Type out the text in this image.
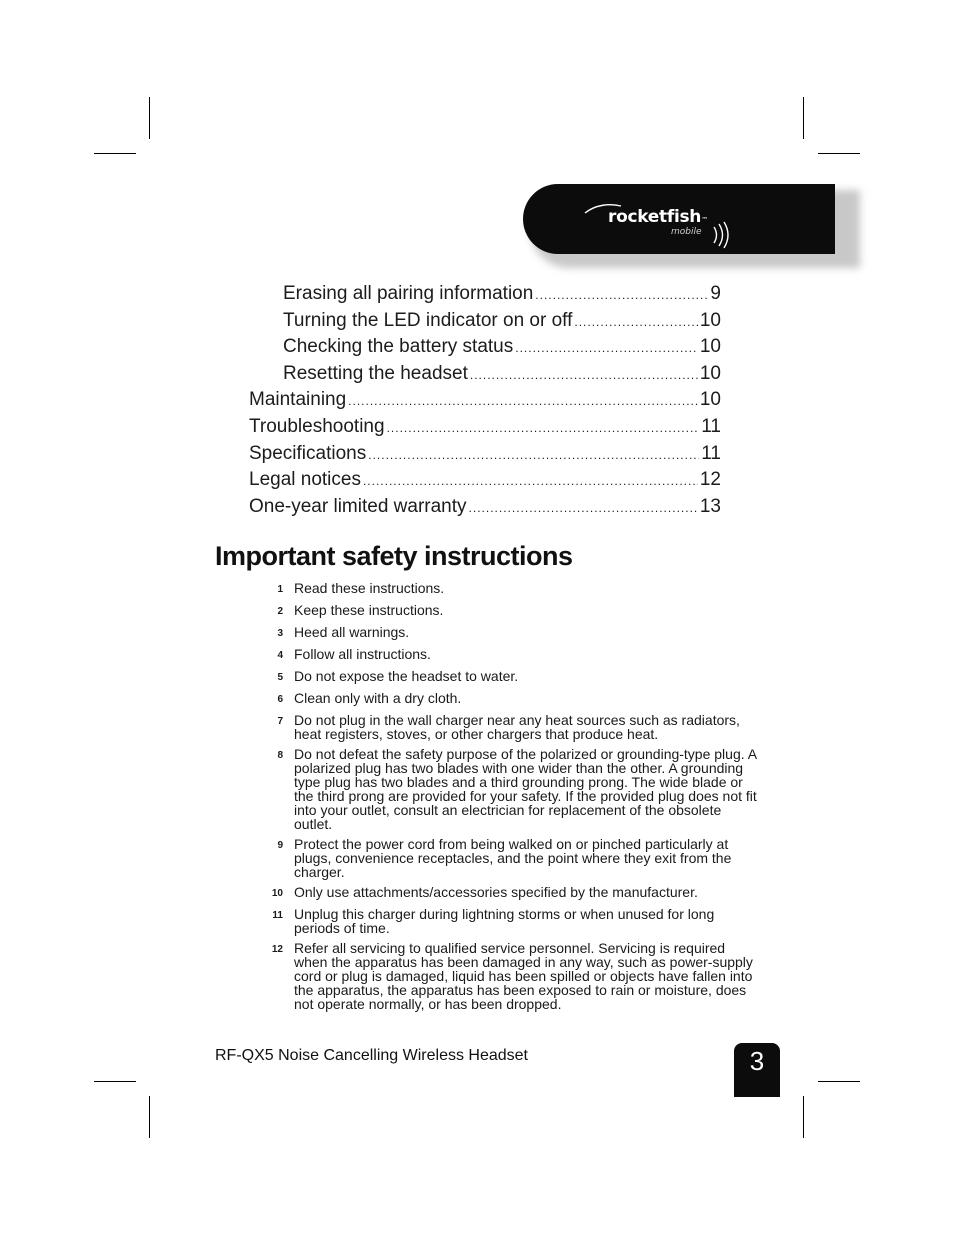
rocketfish™
mobile
Erasing all pairing information .....	9
Turning the LED indicator on or off .....	10
Checking the battery status .....	10
Resetting the headset .....	10
Maintaining .....	10
Troubleshooting .....	11
Specifications .....	11
Legal notices .....	12
One-year limited warranty .....	13
Important safety instructions
1 Read these instructions.
2 Keep these instructions.
3 Heed all warnings.
4 Follow all instructions.
5 Do not expose the headset to water.
6 Clean only with a dry cloth.
7 Do not plug in the wall charger near any heat sources such as radiators, heat registers, stoves, or other chargers that produce heat.
8 Do not defeat the safety purpose of the polarized or grounding-type plug. A polarized plug has two blades with one wider than the other. A grounding type plug has two blades and a third grounding prong. The wide blade or the third prong are provided for your safety. If the provided plug does not fit into your outlet, consult an electrician for replacement of the obsolete outlet.
9 Protect the power cord from being walked on or pinched particularly at plugs, convenience receptacles, and the point where they exit from the charger.
10 Only use attachments/accessories specified by the manufacturer.
11 Unplug this charger during lightning storms or when unused for long periods of time.
12 Refer all servicing to qualified service personnel. Servicing is required when the apparatus has been damaged in any way, such as power-supply cord or plug is damaged, liquid has been spilled or objects have fallen into the apparatus, the apparatus has been exposed to rain or moisture, does not operate normally, or has been dropped.
RF-QX5 Noise Cancelling Wireless Headset	3
